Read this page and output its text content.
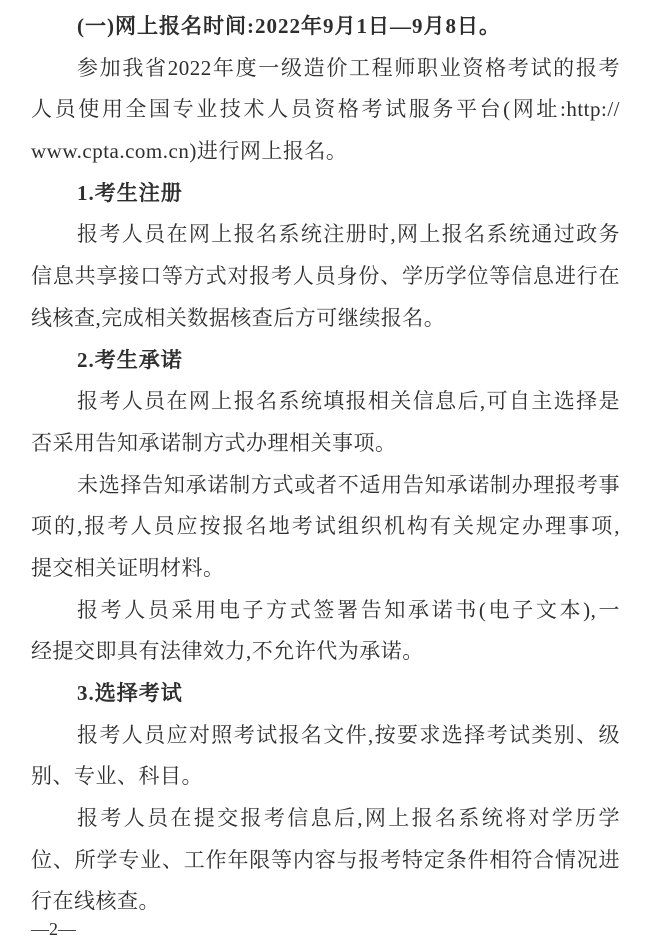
(一)网上报名时间:2022年9月1日—9月8日。
参加我省2022年度一级造价工程师职业资格考试的报考
人员使用全国专业技术人员资格考试服务平台(网址:http://
www.cpta.com.cn)进行网上报名。
1.考生注册
报考人员在网上报名系统注册时,网上报名系统通过政务
信息共享接口等方式对报考人员身份、学历学位等信息进行在
线核查,完成相关数据核查后方可继续报名。
2.考生承诺
报考人员在网上报名系统填报相关信息后,可自主选择是
否采用告知承诺制方式办理相关事项。
未选择告知承诺制方式或者不适用告知承诺制办理报考事
项的,报考人员应按报名地考试组织机构有关规定办理事项,
提交相关证明材料。
报考人员采用电子方式签署告知承诺书(电子文本),一
经提交即具有法律效力,不允许代为承诺。
3.选择考试
报考人员应对照考试报名文件,按要求选择考试类别、级
别、专业、科目。
报考人员在提交报考信息后,网上报名系统将对学历学
位、所学专业、工作年限等内容与报考特定条件相符合情况进
行在线核查。
—2—
